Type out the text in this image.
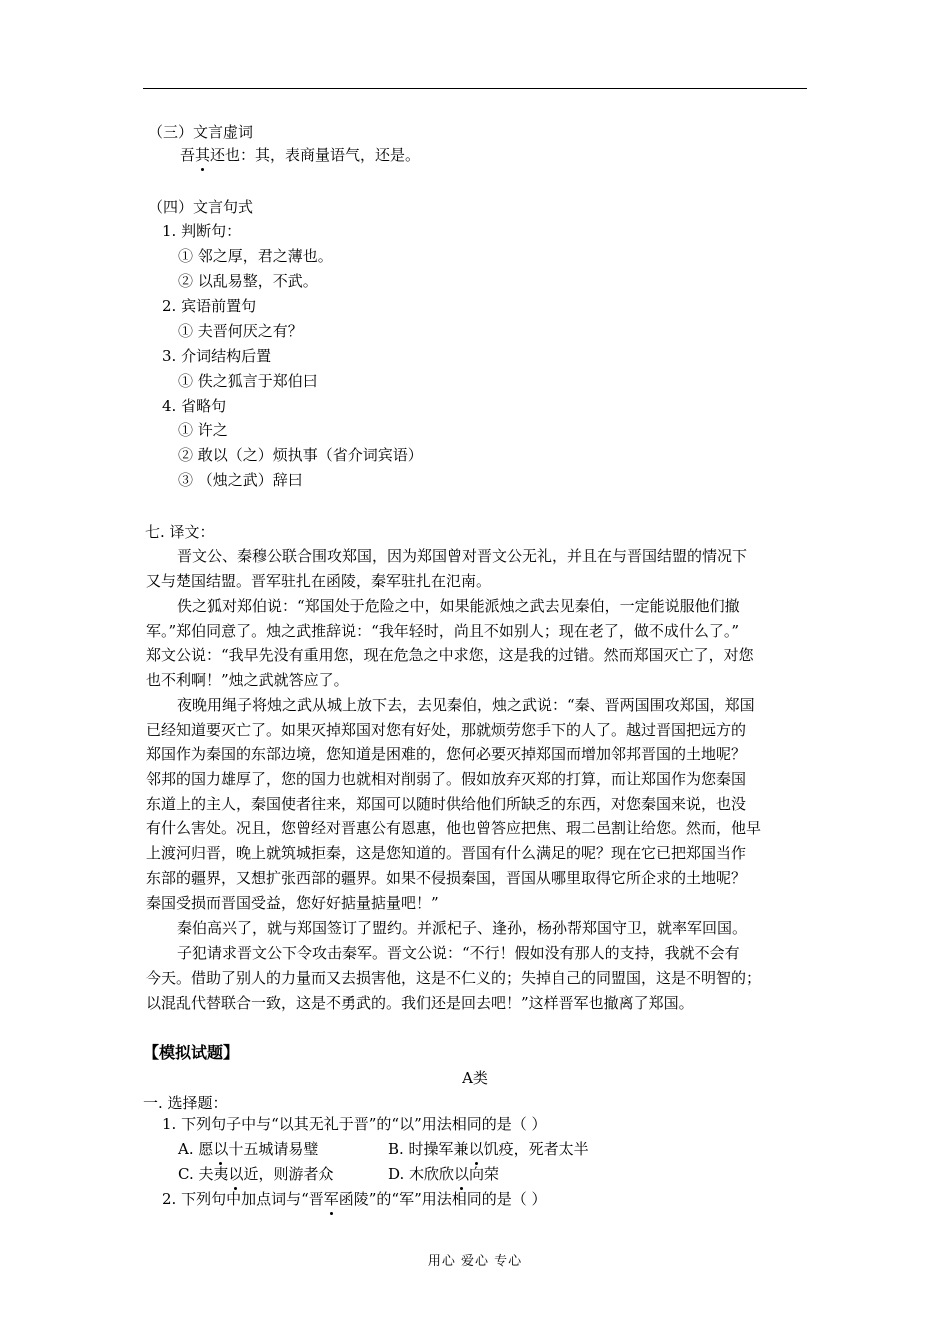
（三）文言虚词
吾其还也：其，表商量语气，还是。
（四）文言句式
1. 判断句：
① 邻之厚，君之薄也。
② 以乱易整，不武。
2. 宾语前置句
① 夫晋何厌之有？
3. 介词结构后置
① 佚之狐言于郑伯曰
4. 省略句
① 许之
② 敢以（之）烦执事（省介词宾语）
③ （烛之武）辞曰
七. 译文：
晋文公、秦穆公联合围攻郑国，因为郑国曾对晋文公无礼，并且在与晋国结盟的情况下
又与楚国结盟。晋军驻扎在函陵，秦军驻扎在氾南。
佚之狐对郑伯说：“郑国处于危险之中，如果能派烛之武去见秦伯，一定能说服他们撤
军。”郑伯同意了。烛之武推辞说：“我年轻时，尚且不如别人；现在老了，做不成什么了。”
郑文公说：“我早先没有重用您，现在危急之中求您，这是我的过错。然而郑国灭亡了，对您
也不利啊！”烛之武就答应了。
夜晚用绳子将烛之武从城上放下去，去见秦伯，烛之武说：“秦、晋两国围攻郑国，郑国
已经知道要灭亡了。如果灭掉郑国对您有好处，那就烦劳您手下的人了。越过晋国把远方的
郑国作为秦国的东部边境，您知道是困难的，您何必要灭掉郑国而增加邻邦晋国的土地呢？
邻邦的国力雄厚了，您的国力也就相对削弱了。假如放弃灭郑的打算，而让郑国作为您秦国
东道上的主人，秦国使者往来，郑国可以随时供给他们所缺乏的东西，对您秦国来说，也没
有什么害处。况且，您曾经对晋惠公有恩惠，他也曾答应把焦、瑕二邑割让给您。然而，他早
上渡河归晋，晚上就筑城拒秦，这是您知道的。晋国有什么满足的呢？现在它已把郑国当作
东部的疆界，又想扩张西部的疆界。如果不侵损秦国，晋国从哪里取得它所企求的土地呢？
秦国受损而晋国受益，您好好掂量掂量吧！”
秦伯高兴了，就与郑国签订了盟约。并派杞子、逢孙，杨孙帮郑国守卫，就率军回国。
子犯请求晋文公下令攻击秦军。晋文公说：“不行！假如没有那人的支持，我就不会有
今天。借助了别人的力量而又去损害他，这是不仁义的；失掉自己的同盟国，这是不明智的；
以混乱代替联合一致，这是不勇武的。我们还是回去吧！”这样晋军也撤离了郑国。
【模拟试题】
A类
一. 选择题：
1. 下列句子中与“以其无礼于晋”的“以”用法相同的是（ ）
A. 愿以十五城请易璧	B. 时操军兼以饥疫，死者太半
C. 夫夷以近，则游者众	D. 木欣欣以向荣
2. 下列句中加点词与“晋军函陵”的“军”用法相同的是（ ）
用心 爱心 专心
